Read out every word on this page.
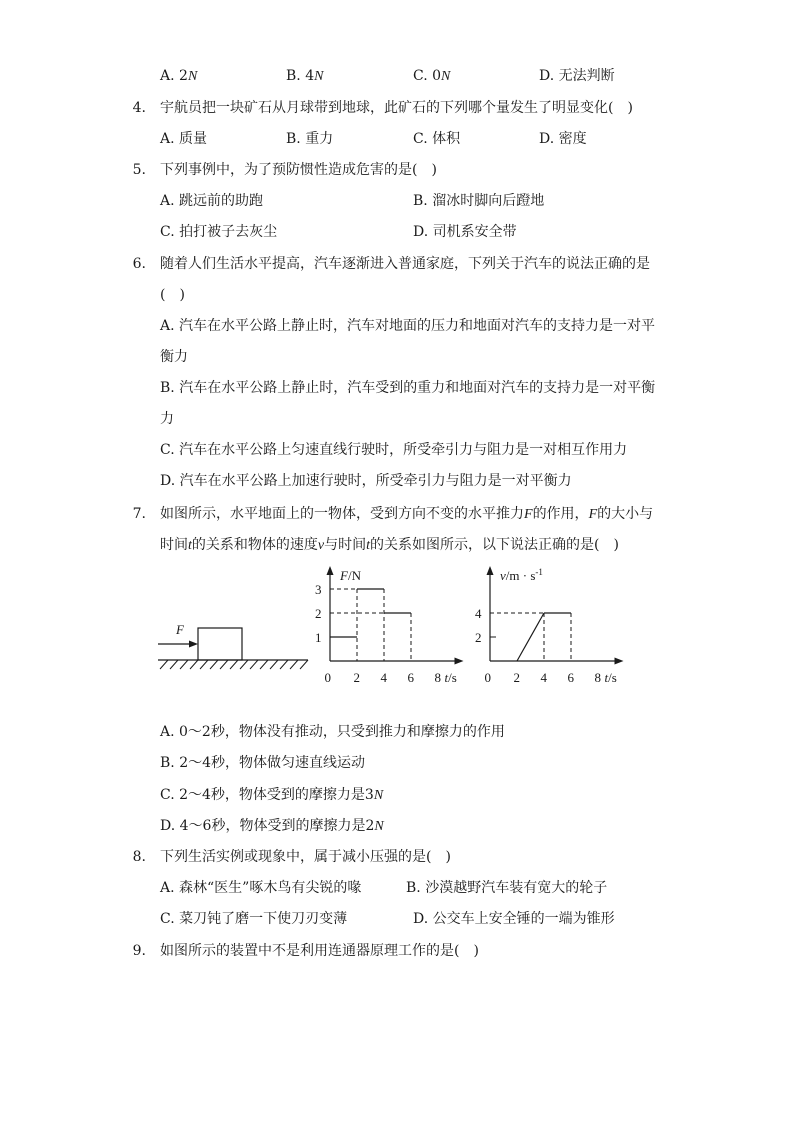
A. 2N	B. 4N	C. 0N	D. 无法判断
4. 宇航员把一块矿石从月球带到地球，此矿石的下列哪个量发生了明显变化(　)
A. 质量	B. 重力	C. 体积	D. 密度
5. 下列事例中，为了预防惯性造成危害的是(　)
A. 跳远前的助跑	B. 溜冰时脚向后蹬地
C. 拍打被子去灰尘	D. 司机系安全带
6. 随着人们生活水平提高，汽车逐渐进入普通家庭，下列关于汽车的说法正确的是
(　)
A. 汽车在水平公路上静止时，汽车对地面的压力和地面对汽车的支持力是一对平
衡力
B. 汽车在水平公路上静止时，汽车受到的重力和地面对汽车的支持力是一对平衡
力
C. 汽车在水平公路上匀速直线行驶时，所受牵引力与阻力是一对相互作用力
D. 汽车在水平公路上加速行驶时，所受牵引力与阻力是一对平衡力
7. 如图所示，水平地面上的一物体，受到方向不变的水平推力F的作用，F的大小与
时间t的关系和物体的速度v与时间t的关系如图所示，以下说法正确的是(　)
F
0 2 4 6 8 t/s
1
2
3
F/N
0 2 4 6 8 t/s
2
4
$v/m \cdot s^{-1}$
A. 0～2秒，物体没有推动，只受到推力和摩擦力的作用
B. 2～4秒，物体做匀速直线运动
C. 2～4秒，物体受到的摩擦力是3N
D. 4～6秒，物体受到的摩擦力是2N
8. 下列生活实例或现象中，属于减小压强的是(　)
A. 森林“医生”啄木鸟有尖锐的喙	B. 沙漠越野汽车装有宽大的轮子
C. 菜刀钝了磨一下使刀刃变薄	D. 公交车上安全锤的一端为锥形
9. 如图所示的装置中不是利用连通器原理工作的是(　)
